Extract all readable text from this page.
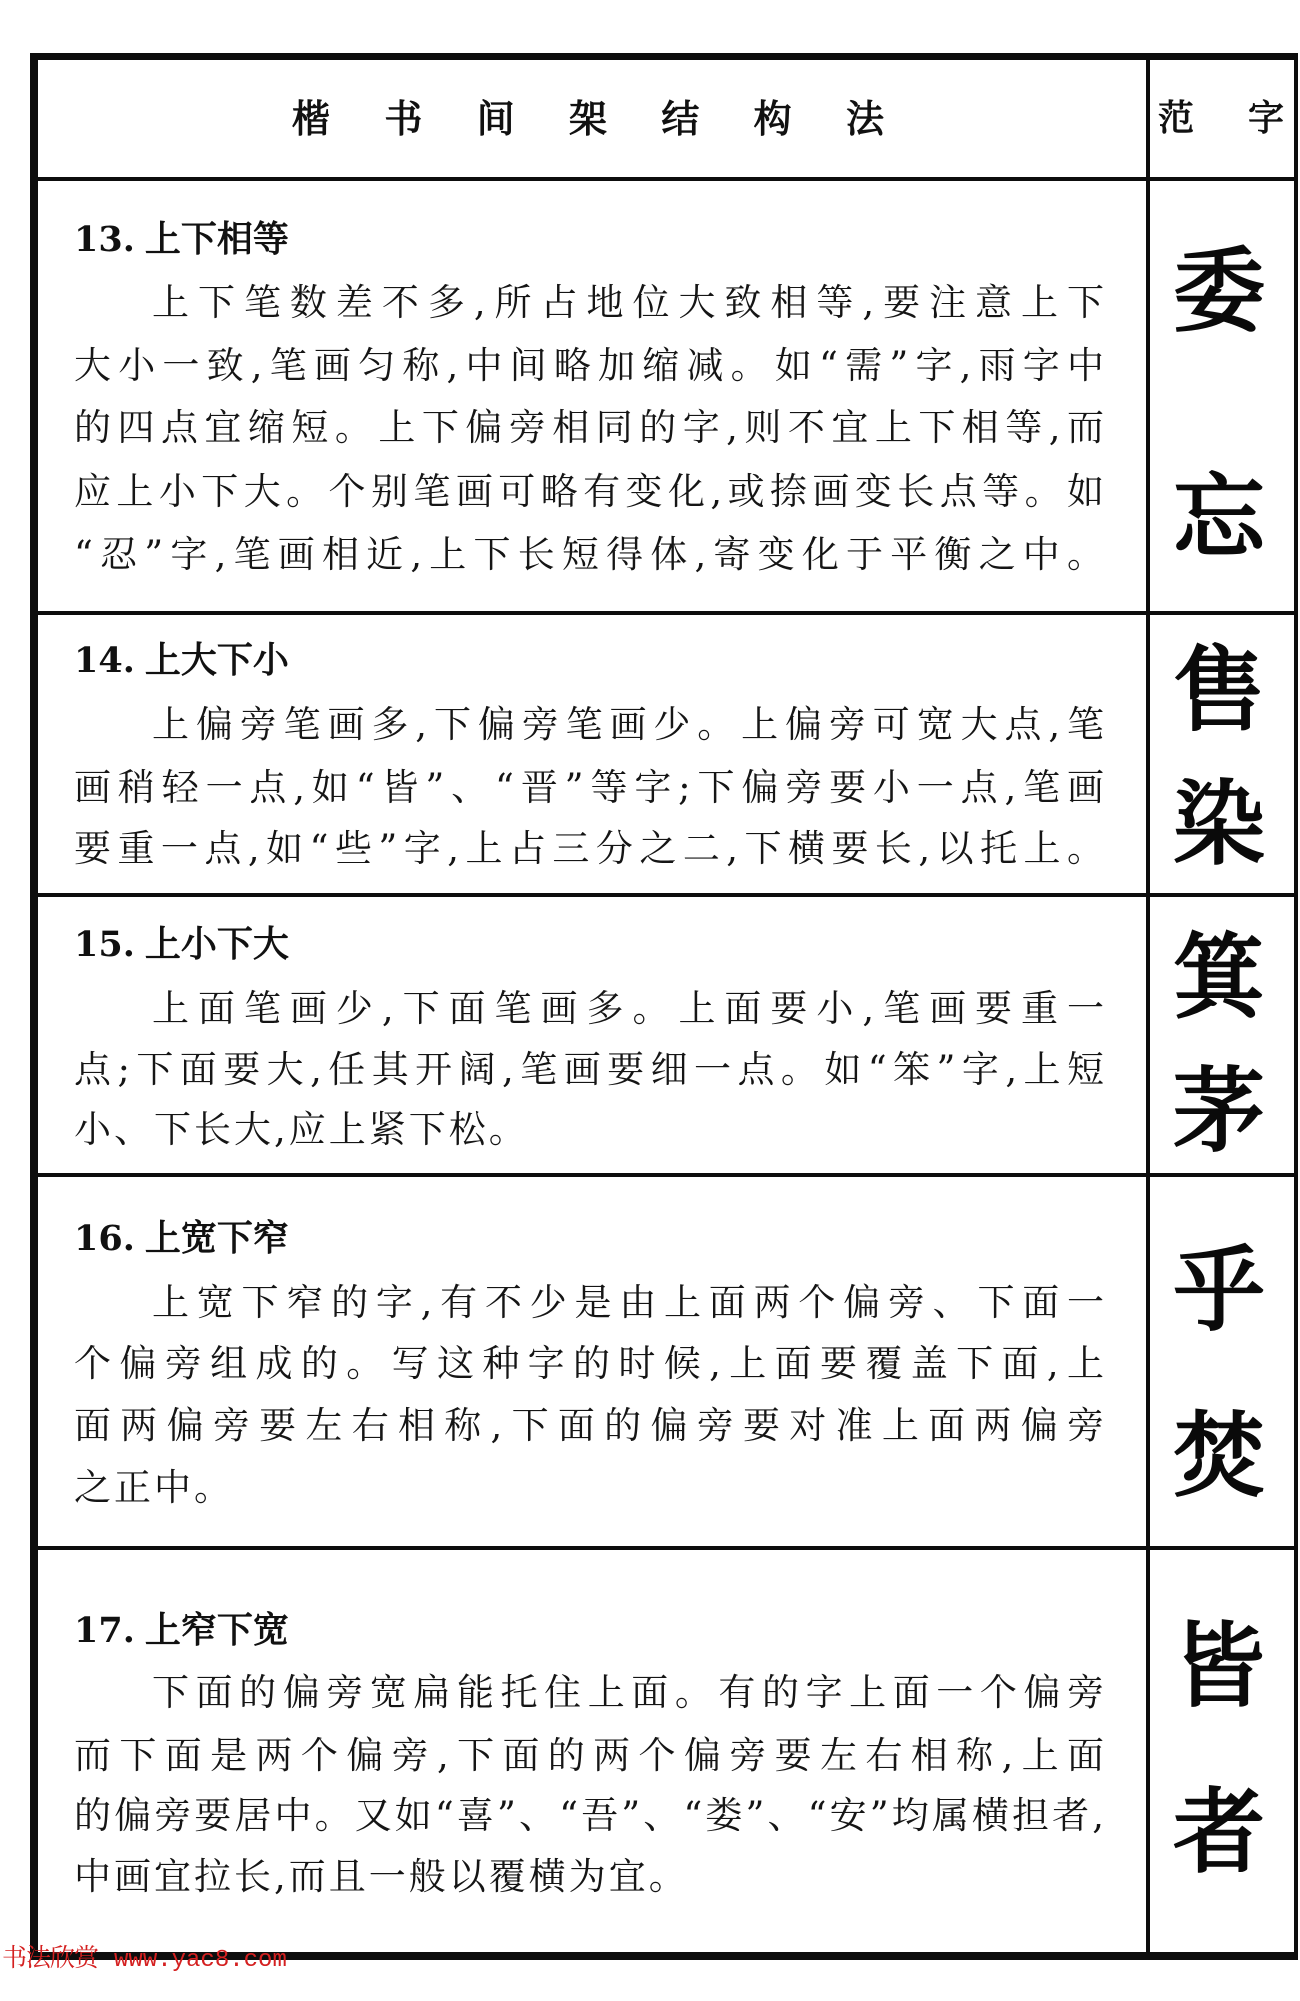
楷 书 间 架 结 构 法	范 字
13. 上下相等
上下笔数差不多,所占地位大致相等,要注意上下
大小一致,笔画匀称,中间略加缩减。如“需”字,雨字中
的四点宜缩短。上下偏旁相同的字,则不宜上下相等,而
应上小下大。个别笔画可略有变化,或捺画变长点等。如
“忍”字,笔画相近,上下长短得体,寄变化于平衡之中。
委
忘
14. 上大下小
上偏旁笔画多,下偏旁笔画少。上偏旁可宽大点,笔
画稍轻一点,如“皆”、“晋”等字;下偏旁要小一点,笔画
要重一点,如“些”字,上占三分之二,下横要长,以托上。
售
染
15. 上小下大
上面笔画少,下面笔画多。上面要小,笔画要重一
点;下面要大,任其开阔,笔画要细一点。如“笨”字,上短
小、下长大,应上紧下松。
箕
茅
16. 上宽下窄
上宽下窄的字,有不少是由上面两个偏旁、下面一
个偏旁组成的。写这种字的时候,上面要覆盖下面,上
面两偏旁要左右相称,下面的偏旁要对准上面两偏旁
之正中。
乎
焚
17. 上窄下宽
下面的偏旁宽扁能托住上面。有的字上面一个偏旁
而下面是两个偏旁,下面的两个偏旁要左右相称,上面
的偏旁要居中。又如“喜”、“吾”、“娄”、“安”均属横担者,
中画宜拉长,而且一般以覆横为宜。
皆
者
书法欣赏 www.yac8.com
